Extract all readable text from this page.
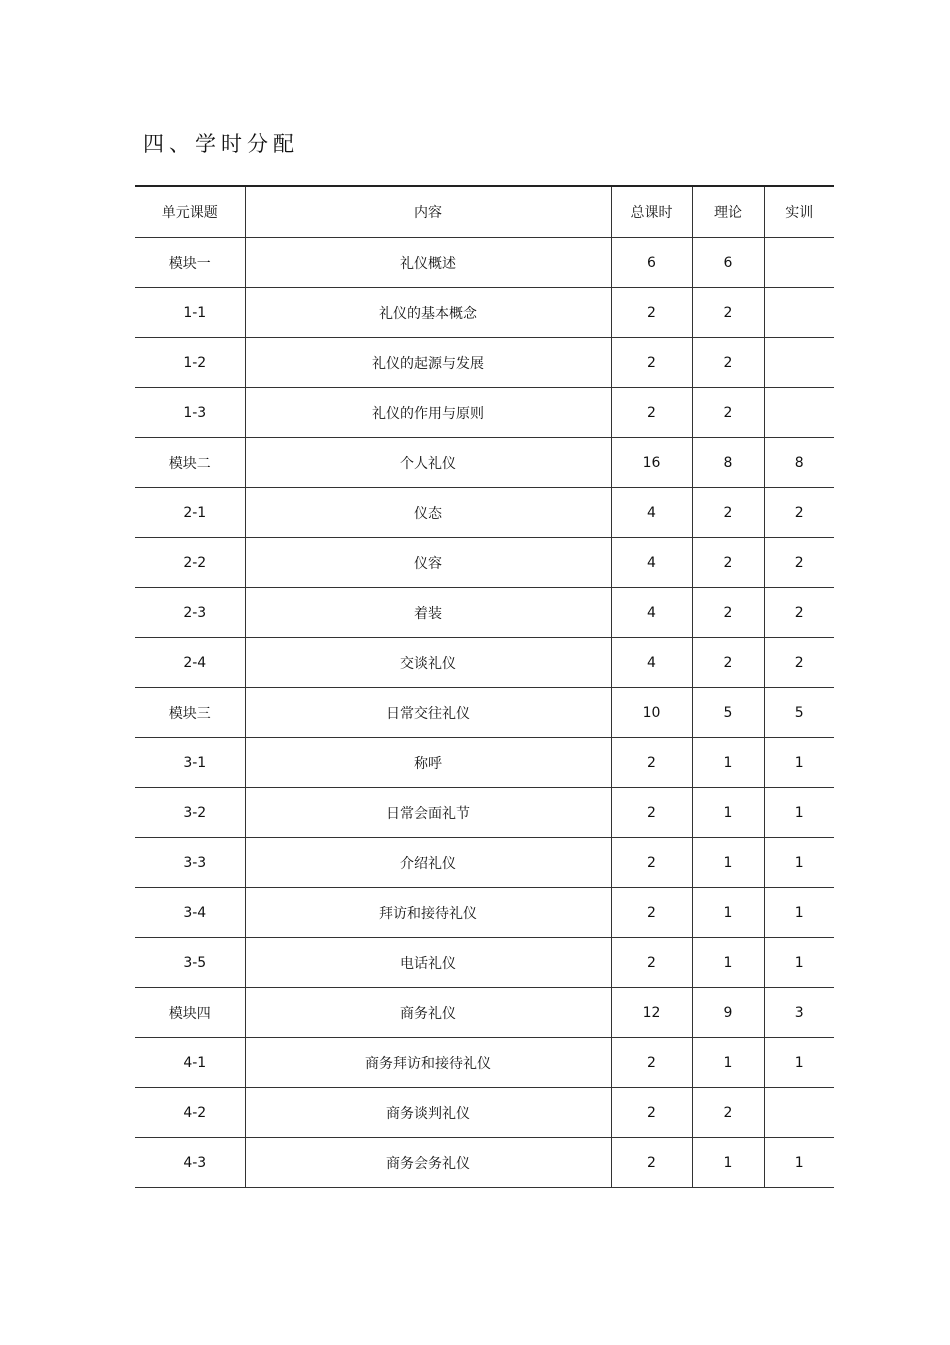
四、学时分配
单元课题	内容	总课时	理论	实训
模块一	礼仪概述	6	6	
1-1	礼仪的基本概念	2	2	
1-2	礼仪的起源与发展	2	2	
1-3	礼仪的作用与原则	2	2	
模块二	个人礼仪	16	8	8
2-1	仪态	4	2	2
2-2	仪容	4	2	2
2-3	着装	4	2	2
2-4	交谈礼仪	4	2	2
模块三	日常交往礼仪	10	5	5
3-1	称呼	2	1	1
3-2	日常会面礼节	2	1	1
3-3	介绍礼仪	2	1	1
3-4	拜访和接待礼仪	2	1	1
3-5	电话礼仪	2	1	1
模块四	商务礼仪	12	9	3
4-1	商务拜访和接待礼仪	2	1	1
4-2	商务谈判礼仪	2	2	
4-3	商务会务礼仪	2	1	1
